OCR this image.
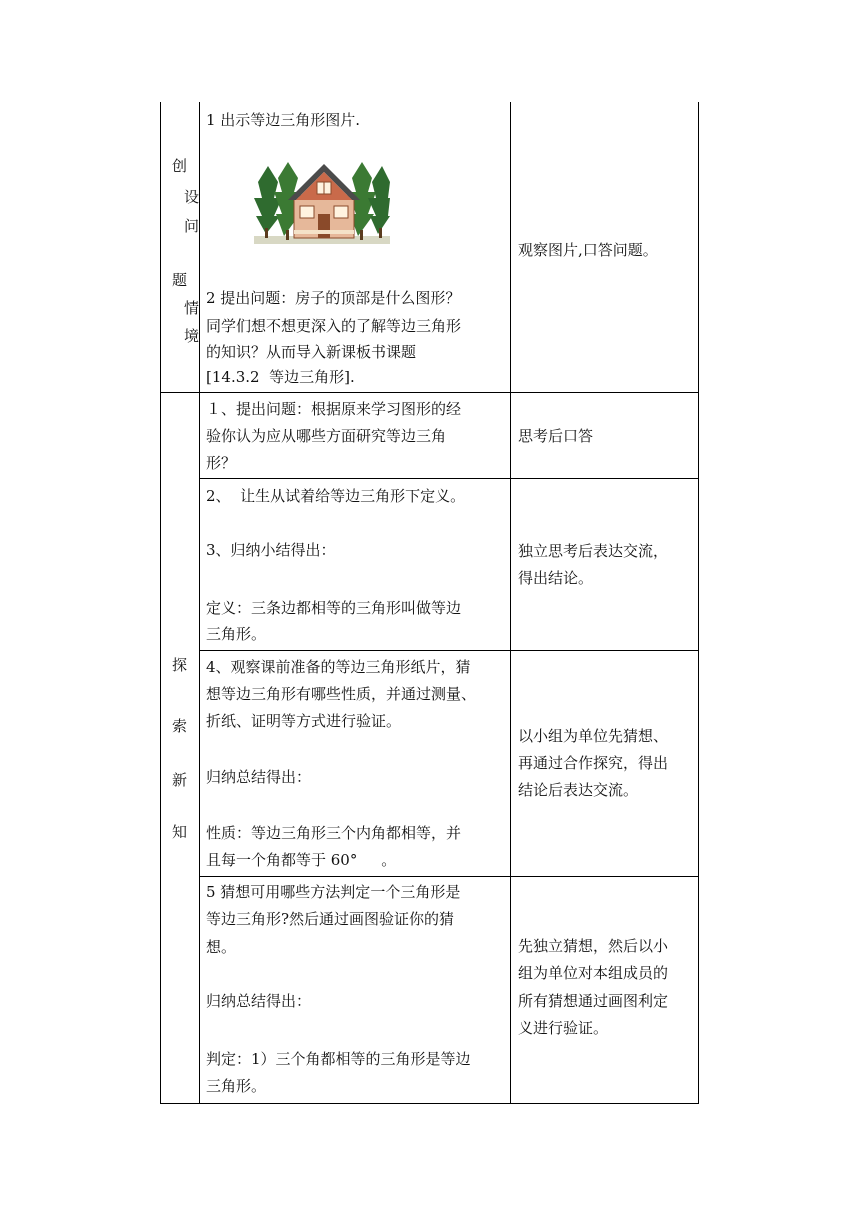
创
设
问
题
情
境
1 出示等边三角形图片.
2 提出问题：房子的顶部是什么图形？
同学们想不想更深入的了解等边三角形
的知识？从而导入新课板书课题
[14.3.2  等边三角形].
观察图片,口答问题。
探
索
新
知
１、提出问题：根据原来学习图形的经
验你认为应从哪些方面研究等边三角
形？
思考后口答
2、  让生从试着给等边三角形下定义。
3、归纳小结得出：
定义：三条边都相等的三角形叫做等边
三角形。
独立思考后表达交流，
得出结论。
4、观察课前准备的等边三角形纸片，猜
想等边三角形有哪些性质，并通过测量、
折纸、证明等方式进行验证。
归纳总结得出：
性质：等边三角形三个内角都相等，并
且每一个角都等于 60°     。
以小组为单位先猜想、
再通过合作探究，得出
结论后表达交流。
5 猜想可用哪些方法判定一个三角形是
等边三角形?然后通过画图验证你的猜
想。
归纳总结得出：
判定：1）三个角都相等的三角形是等边
三角形。
先独立猜想，然后以小
组为单位对本组成员的
所有猜想通过画图利定
义进行验证。
